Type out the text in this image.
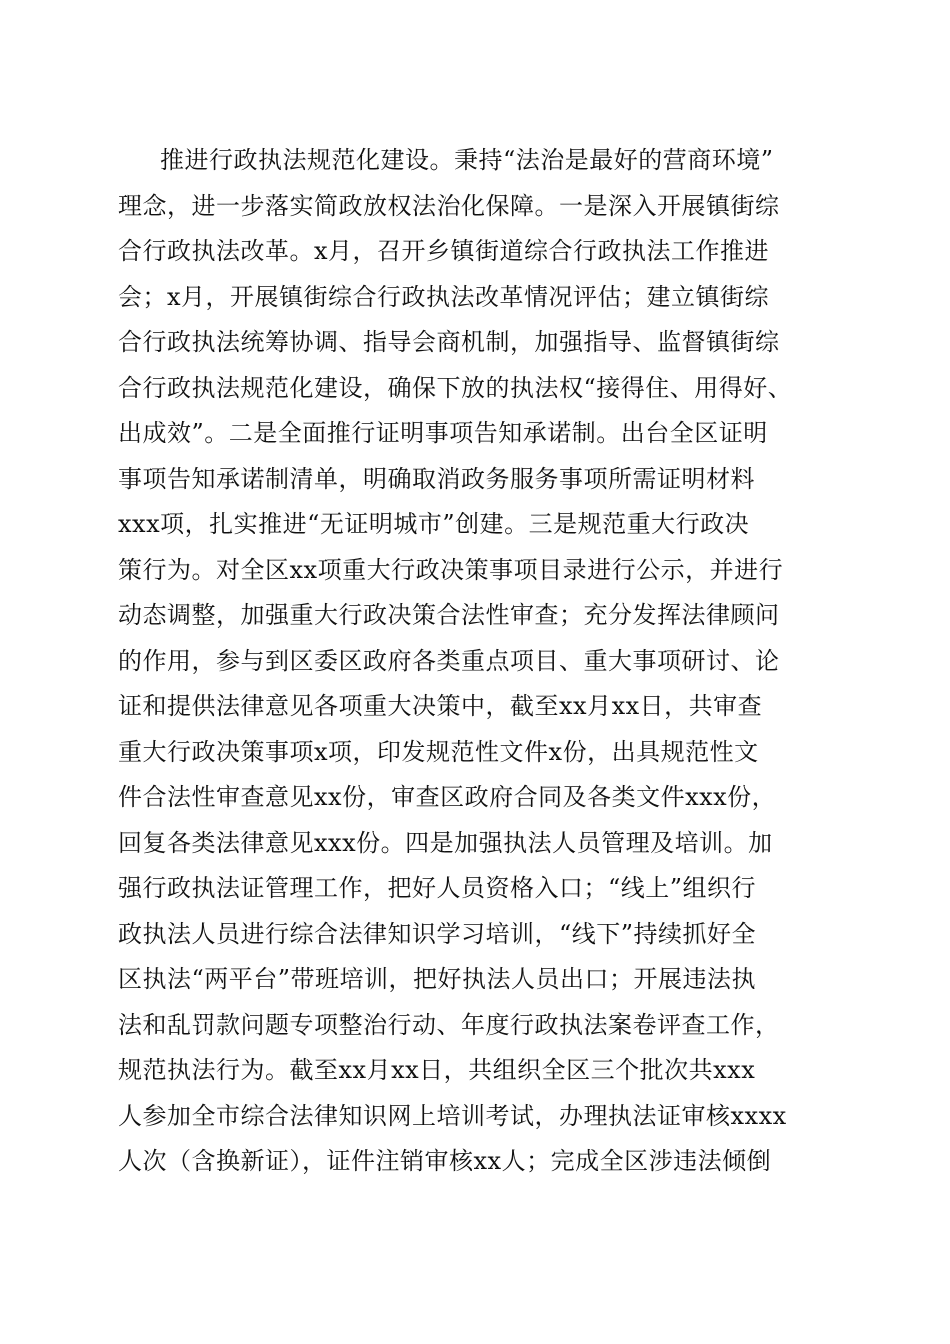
推进行政执法规范化建设。秉持“法治是最好的营商环境”
理念，进一步落实简政放权法治化保障。一是深入开展镇街综
合行政执法改革。x月，召开乡镇街道综合行政执法工作推进
会；x月，开展镇街综合行政执法改革情况评估；建立镇街综
合行政执法统筹协调、指导会商机制，加强指导、监督镇街综
合行政执法规范化建设，确保下放的执法权“接得住、用得好、
出成效”。二是全面推行证明事项告知承诺制。出台全区证明
事项告知承诺制清单，明确取消政务服务事项所需证明材料
xxx项，扎实推进“无证明城市”创建。三是规范重大行政决
策行为。对全区xx项重大行政决策事项目录进行公示，并进行
动态调整，加强重大行政决策合法性审查；充分发挥法律顾问
的作用，参与到区委区政府各类重点项目、重大事项研讨、论
证和提供法律意见各项重大决策中，截至xx月xx日，共审查
重大行政决策事项x项，印发规范性文件x份，出具规范性文
件合法性审查意见xx份，审查区政府合同及各类文件xxx份，
回复各类法律意见xxx份。四是加强执法人员管理及培训。加
强行政执法证管理工作，把好人员资格入口；“线上”组织行
政执法人员进行综合法律知识学习培训，“线下”持续抓好全
区执法“两平台”带班培训，把好执法人员出口；开展违法执
法和乱罚款问题专项整治行动、年度行政执法案卷评查工作，
规范执法行为。截至xx月xx日，共组织全区三个批次共xxx
人参加全市综合法律知识网上培训考试，办理执法证审核xxxx
人次（含换新证），证件注销审核xx人；完成全区涉违法倾倒
